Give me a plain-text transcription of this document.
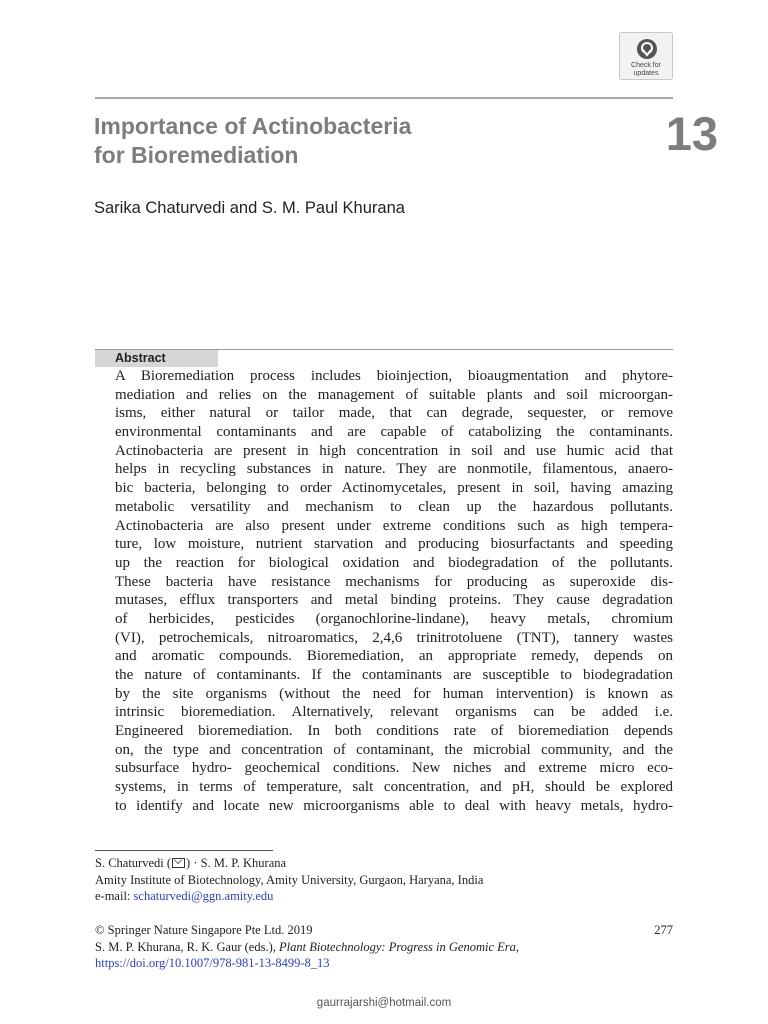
Check for
updates
Importance of Actinobacteria
for Bioremediation	13
Sarika Chaturvedi and S. M. Paul Khurana
Abstract
A Bioremediation process includes bioinjection, bioaugmentation and phytore-
mediation and relies on the management of suitable plants and soil microorgan-
isms, either natural or tailor made, that can degrade, sequester, or remove
environmental contaminants and are capable of catabolizing the contaminants.
Actinobacteria are present in high concentration in soil and use humic acid that
helps in recycling substances in nature. They are nonmotile, filamentous, anaero-
bic bacteria, belonging to order Actinomycetales, present in soil, having amazing
metabolic versatility and mechanism to clean up the hazardous pollutants.
Actinobacteria are also present under extreme conditions such as high tempera-
ture, low moisture, nutrient starvation and producing biosurfactants and speeding
up the reaction for biological oxidation and biodegradation of the pollutants.
These bacteria have resistance mechanisms for producing as superoxide dis-
mutases, efflux transporters and metal binding proteins. They cause degradation
of herbicides, pesticides (organochlorine-lindane), heavy metals, chromium
(VI), petrochemicals, nitroaromatics, 2,4,6 trinitrotoluene (TNT), tannery wastes
and aromatic compounds. Bioremediation, an appropriate remedy, depends on
the nature of contaminants. If the contaminants are susceptible to biodegradation
by the site organisms (without the need for human intervention) is known as
intrinsic bioremediation. Alternatively, relevant organisms can be added i.e.
Engineered bioremediation. In both conditions rate of bioremediation depends
on, the type and concentration of contaminant, the microbial community, and the
subsurface hydro- geochemical conditions. New niches and extreme micro eco-
systems, in terms of temperature, salt concentration, and pH, should be explored
to identify and locate new microorganisms able to deal with heavy metals, hydro-
S. Chaturvedi ( ) · S. M. P. Khurana
Amity Institute of Biotechnology, Amity University, Gurgaon, Haryana, India
e-mail: schaturvedi@ggn.amity.edu
© Springer Nature Singapore Pte Ltd. 2019
S. M. P. Khurana, R. K. Gaur (eds.), Plant Biotechnology: Progress in Genomic Era,
https://doi.org/10.1007/978-981-13-8499-8_13
277
gaurrajarshi@hotmail.com
